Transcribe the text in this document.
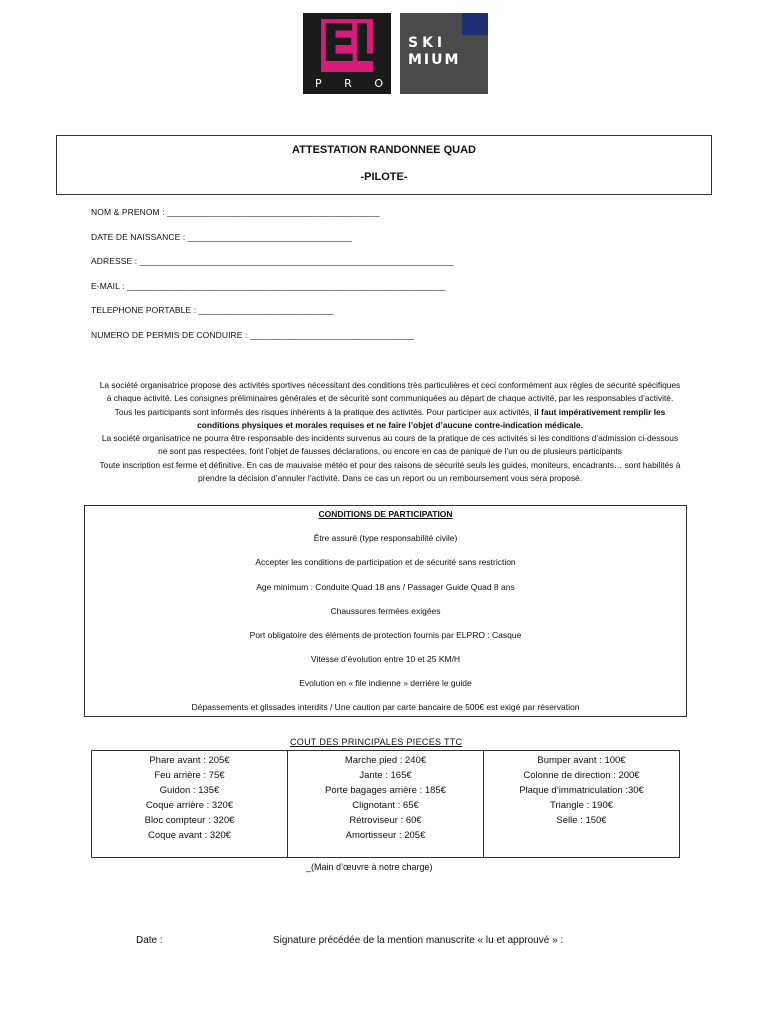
EL
P R O
SKI
MIUM
ATTESTATION RANDONNEE QUAD
-PILOTE-
NOM & PRENOM : ____________________________________________
DATE DE NAISSANCE : __________________________________
ADRESSE : _________________________________________________________________
E-MAIL : __________________________________________________________________
TELEPHONE PORTABLE : ____________________________
NUMERO DE PERMIS DE CONDUIRE : __________________________________
La société organisatrice propose des activités sportives nécessitant des conditions très particulières et ceci conformément aux règles de sécurité spécifiques
à chaque activité. Les consignes préliminaires générales et de sécurité sont communiquées au départ de chaque activité, par les responsables d’activité.
Tous les participants sont informés des risques inhérents à la pratique des activités. Pour participer aux activités, il faut impérativement remplir les
conditions physiques et morales requises et ne faire l’objet d’aucune contre-indication médicale.
La société organisatrice ne pourra être responsable des incidents survenus au cours de la pratique de ces activités si les conditions d’admission ci-dessous
ne sont pas respectées, font l’objet de fausses déclarations, ou encore en cas de panique de l’un ou de plusieurs participants
Toute inscription est ferme et définitive. En cas de mauvaise météo et pour des raisons de sécurité seuls les guides, moniteurs, encadrants… sont habilités à
prendre la décision d’annuler l’activité. Dans ce cas un report ou un remboursement vous sera proposé.
CONDITIONS DE PARTICIPATION
Être assuré (type responsabilité civile)
Accepter les conditions de participation et de sécurité sans restriction
Age minimum : Conduite Quad 18 ans / Passager Guide Quad 8 ans
Chaussures fermées exigées
Port obligatoire des éléments de protection fournis par ELPRO : Casque
Vitesse d’évolution entre 10 et 25 KM/H
Evolution en « file indienne » derrière le guide
Dépassements et glissades interdits / Une caution par carte bancaire de 500€ est exigé par réservation
COUT DES PRINCIPALES PIECES TTC
Phare avant : 205€
Feu arrière : 75€
Guidon : 135€
Coque arrière : 320€
Bloc compteur : 320€
Coque avant : 320€
Marche pied : 240€
Jante : 165€
Porte bagages arrière : 185€
Clignotant : 65€
Rétroviseur : 60€
Amortisseur : 205€
Bumper avant : 100€
Colonne de direction : 200€
Plaque d’immatriculation :30€
Triangle : 190€
Selle : 150€
_(Main d’œuvre à notre charge)
Date :	Signature précédée de la mention manuscrite « lu et approuvé » :
